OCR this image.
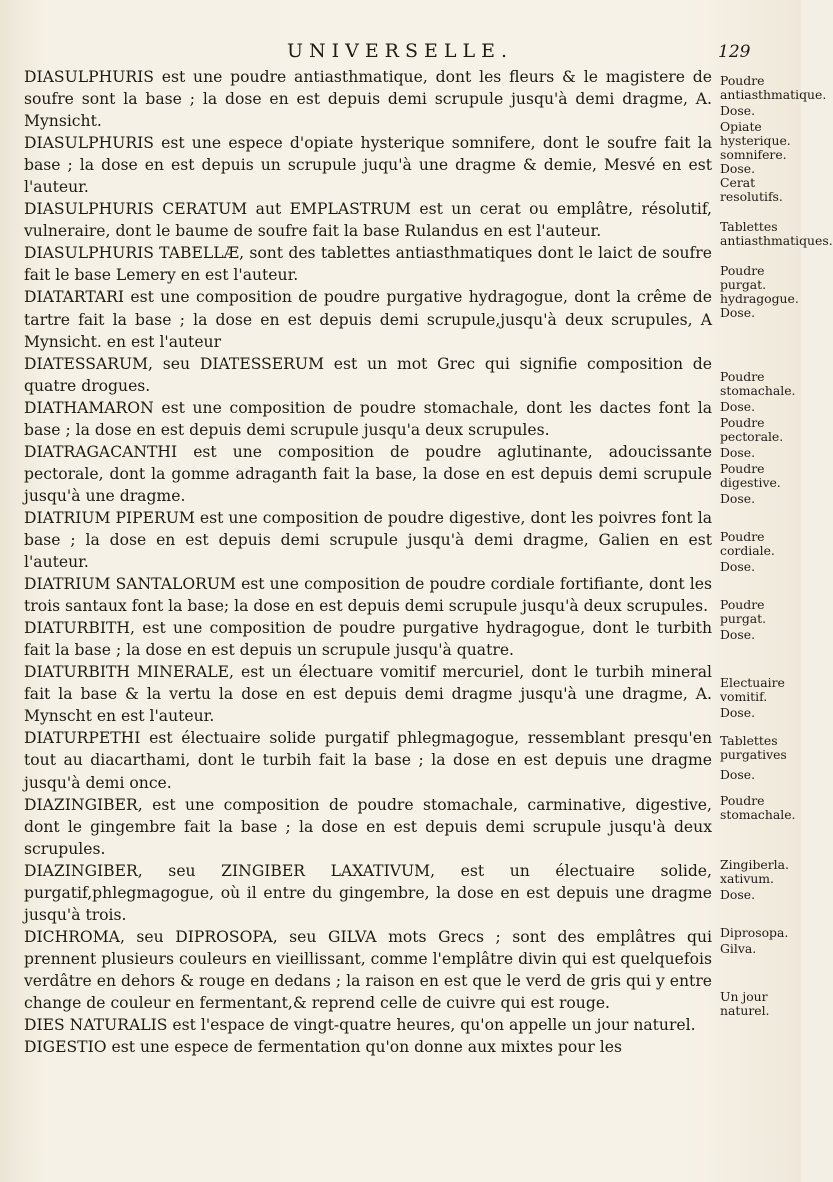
UNIVERSELLE.	129

DIASULPHURIS est une poudre antiasthmatique, dont les fleurs & le magistere de soufre sont la base ; la dose en est depuis demi scrupule jusqu'à demi dragme, A. Mynsicht.

DIASULPHURIS est une espece d'opiate hysterique somnifere, dont le soufre fait la base ; la dose en est depuis un scrupule juqu'à une dragme & demie, Mesvé en est l'auteur.

DIASULPHURIS CERATUM aut EMPLASTRUM est un cerat ou emplâtre, résolutif, vulneraire, dont le baume de soufre fait la base Rulandus en est l'auteur.

DIASULPHURIS TABELLÆ, sont des tablettes antiasthmatiques dont le laict de soufre fait le base Lemery en est l'auteur.

DIATARTARI est une composition de poudre purgative hydragogue, dont la crême de tartre fait la base ; la dose en est depuis demi scrupule,jusqu'à deux scrupules, A Mynsicht. en est l'auteur

DIATESSARUM, seu DIATESSERUM est un mot Grec qui signifie composition de quatre drogues.

DIATHAMARON est une composition de poudre stomachale, dont les dactes font la base ; la dose en est depuis demi scrupule jusqu'a deux scrupules.

DIATRAGACANTHI est une composition de poudre aglutinante, adoucissante pectorale, dont la gomme adraganth fait la base, la dose en est depuis demi scrupule jusqu'à une dragme.

DIATRIUM PIPERUM est une composition de poudre digestive, dont les poivres font la base ; la dose en est depuis demi scrupule jusqu'à demi dragme, Galien en est l'auteur.

DIATRIUM SANTALORUM est une composition de poudre cordiale fortifiante, dont les trois santaux font la base; la dose en est depuis demi scrupule jusqu'à deux scrupules.

DIATURBITH, est une composition de poudre purgative hydragogue, dont le turbith fait la base ; la dose en est depuis un scrupule jusqu'à quatre.

DIATURBITH MINERALE, est un électuare vomitif mercuriel, dont le turbih mineral fait la base & la vertu la dose en est depuis demi dragme jusqu'à une dragme, A. Mynscht en est l'auteur.

DIATURPETHI est électuaire solide purgatif phlegmagogue, ressemblant presqu'en tout au diacarthami, dont le turbih fait la base ; la dose en est depuis une dragme jusqu'à demi once.

DIAZINGIBER, est une composition de poudre stomachale, carminative, digestive, dont le gingembre fait la base ; la dose en est depuis demi scrupule jusqu'à deux scrupules.

DIAZINGIBER, seu ZINGIBER LAXATIVUM, est un électuaire solide, purgatif,phlegmagogue, où il entre du gingembre, la dose en est depuis une dragme jusqu'à trois.

DICHROMA, seu DIPROSOPA, seu GILVA mots Grecs ; sont des emplâtres qui prennent plusieurs couleurs en vieillissant, comme l'emplâtre divin qui est quelquefois verdâtre en dehors & rouge en dedans ; la raison en est que le verd de gris qui y entre change de couleur en fermentant,& reprend celle de cuivre qui est rouge.

DIES NATURALIS est l'espace de vingt-quatre heures, qu'on appelle un jour naturel.

DIGESTIO est une espece de fermentation qu'on donne aux mixtes pour les

Poudre antiasthmatique.
Dose.
Opiate hysterique. somnifere.
Dose.
Cerat resolutifs.
Tablettes antiasthmatiques.
Poudre purgat. hydragogue.
Dose.
Poudre stomachale.
Dose.
Poudre pectorale.
Dose.
Poudre digestive.
Dose.
Poudre cordiale.
Dose.
Poudre purgat.
Dose.
Electuaire vomitif.
Dose.
Tablettes purgatives
Dose.
Poudre stomachale.
Zingiberla. xativum.
Dose.
Diprosopa.
Gilva.
Un jour naturel.
